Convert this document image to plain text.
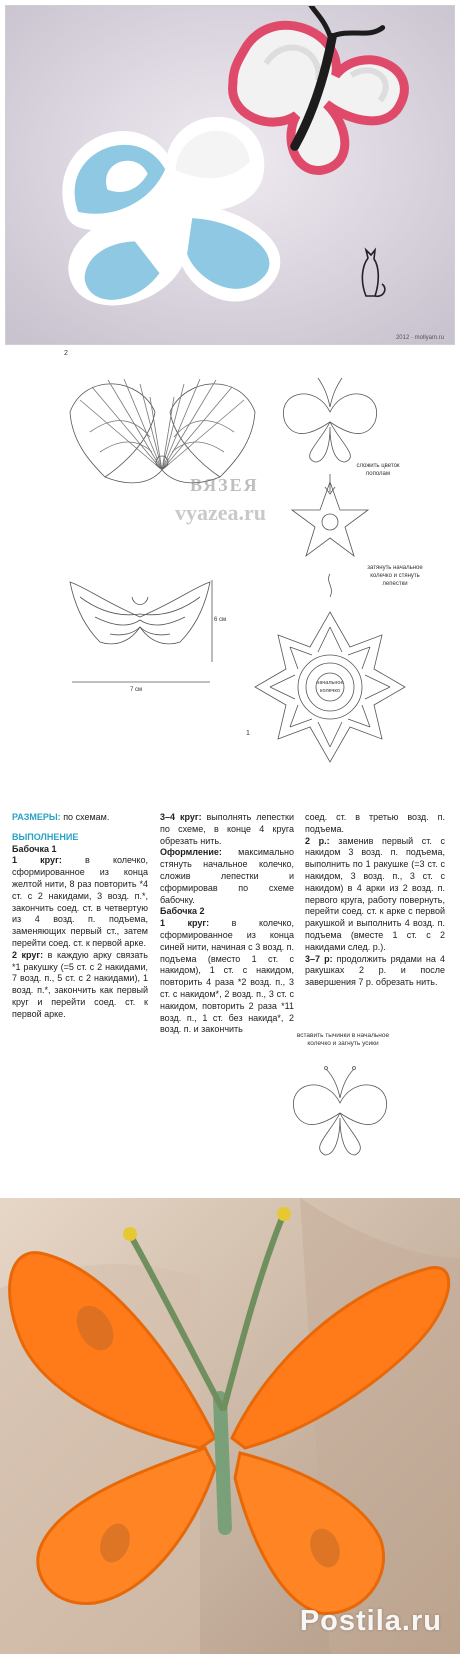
2012 · mollyam.ru
2
ВЯЗЕЯ
vyazea.ru
сложить цветок
пополам
затянуть начальное
колечко и стянуть
лепестки
начальное
колечко
6 см
7 см
1

РАЗМЕРЫ: по схемам.

ВЫПОЛНЕНИЕ

Бабочка 1

1 круг:	в колечко, сформированное из конца желтой нити, 8 раз повторить *4 ст. с 2 накидами, 3 возд. п.*, закончить соед. ст. в четвертую из 4 возд. п. подъема, заменяющих первый ст., затем перейти соед. ст. к первой арке.

2 круг: в каждую арку связать *1 ракушку (=5 ст. с 2 накидами, 7 возд. п., 5 ст. с 2 накидами), 1 возд. п.*, закончить как первый круг и перейти соед. ст. к первой арке.

3–4 круг: выполнять лепестки по схеме, в конце 4 круга обрезать нить.

Оформление: максимально стянуть начальное колечко, сложив лепестки и сформировав по схеме бабочку.

Бабочка 2

1 круг:	в колечко, сформированное из конца синей нити, начиная с 3 возд. п. подъема (вместо 1 ст. с накидом), 1 ст. с накидом, повторить 4 раза *2 возд. п., 3 ст. с накидом*, 2 возд. п., 3 ст. с накидом, повторить 2 раза *11 возд. п., 1 ст. без накида*, 2 возд. п. и закончить

соед. ст. в третью возд. п. подъема.

2 р.: заменив первый ст. с накидом 3 возд. п. подъема, выполнить по 1 ракушке (=3 ст. с накидом, 3 возд. п., 3 ст. с накидом) в 4 арки из 2 возд. п. первого круга, работу повернуть, перейти соед. ст. к арке с первой ракушкой и выполнить 4 возд. п. подъема (вместе 1 ст. с 2 накидами след. р.).

3–7 р: продолжить рядами на 4 ракушках 2 р. и после завершения 7 р. обрезать нить.

вставить тычинки в начальное колечко и загнуть усики
Postila.ru
